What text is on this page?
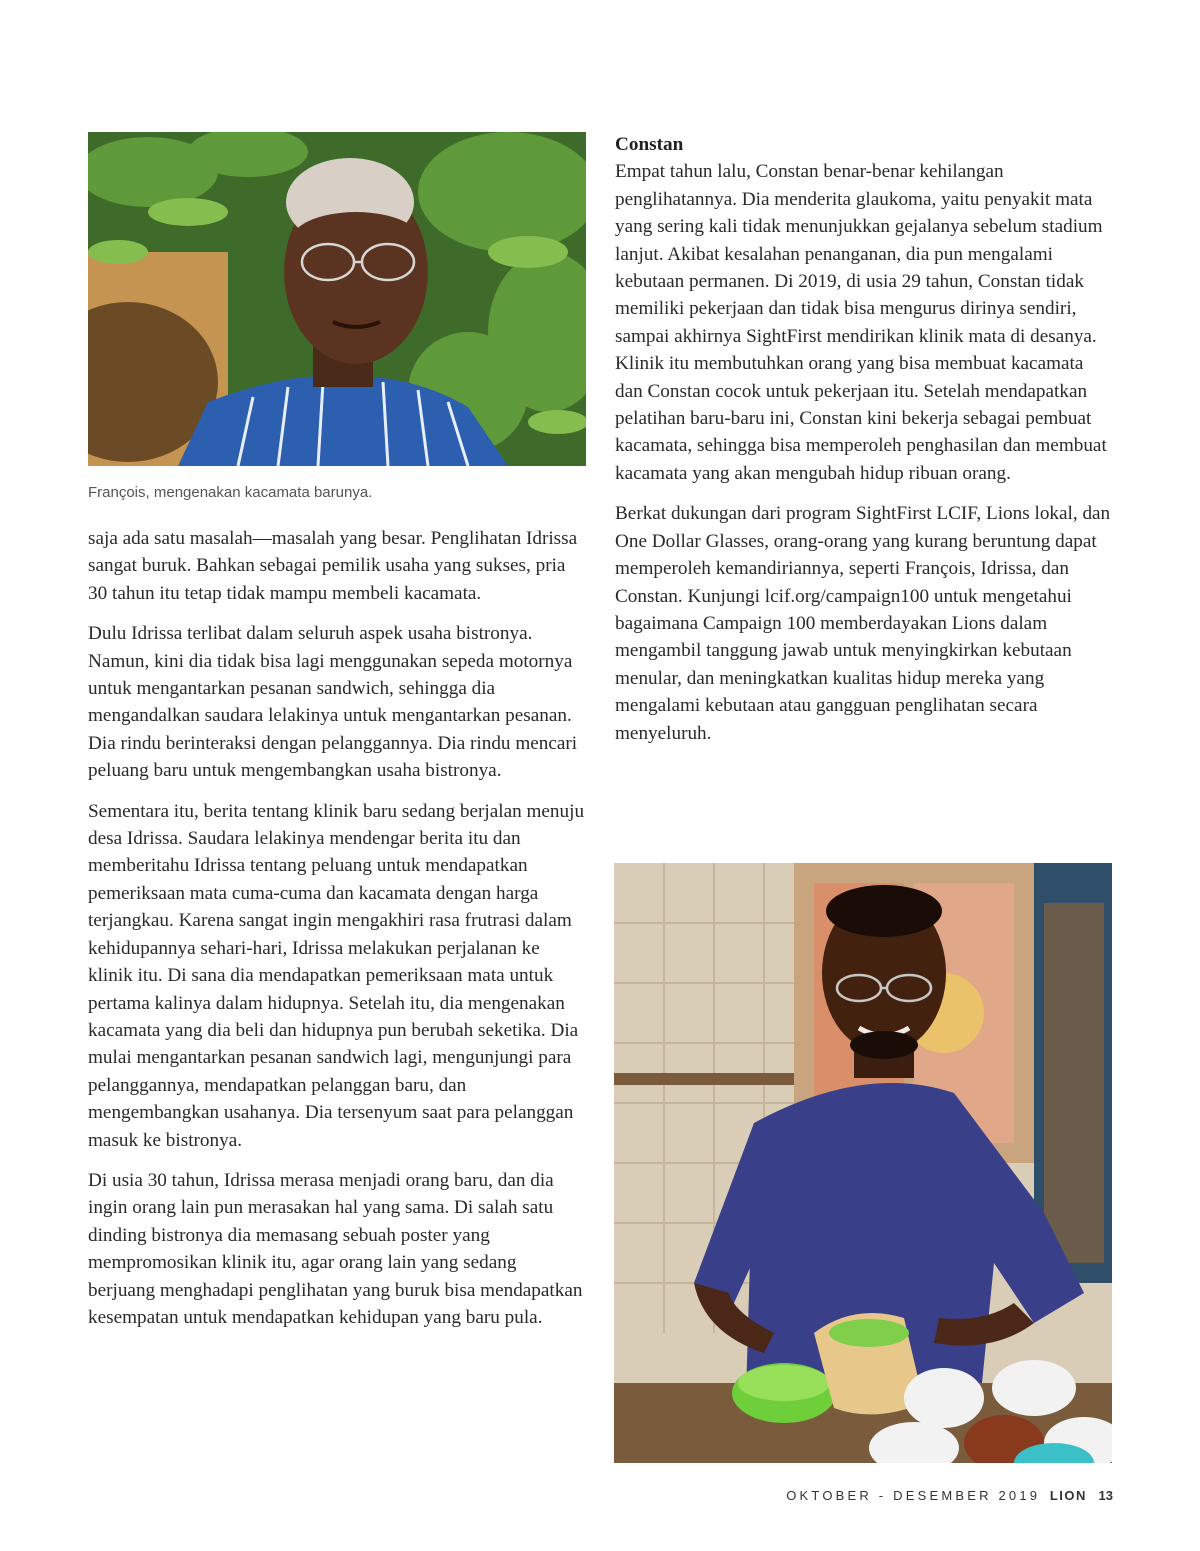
François, mengenakan kacamata barunya.

saja ada satu masalah—masalah yang besar. Penglihatan Idrissa sangat buruk. Bahkan sebagai pemilik usaha yang sukses, pria 30 tahun itu tetap tidak mampu membeli kacamata.

Dulu Idrissa terlibat dalam seluruh aspek usaha bistronya. Namun, kini dia tidak bisa lagi menggunakan sepeda motornya untuk mengantarkan pesanan sandwich, sehingga dia mengandalkan saudara lelakinya untuk mengantarkan pesanan. Dia rindu berinteraksi dengan pelanggannya. Dia rindu mencari peluang baru untuk mengembangkan usaha bistronya.

Sementara itu, berita tentang klinik baru sedang berjalan menuju desa Idrissa. Saudara lelakinya mendengar berita itu dan memberitahu Idrissa tentang peluang untuk mendapatkan pemeriksaan mata cuma-cuma dan kacamata dengan harga terjangkau. Karena sangat ingin mengakhiri rasa frutrasi dalam kehidupannya sehari-hari, Idrissa melakukan perjalanan ke klinik itu. Di sana dia mendapatkan pemeriksaan mata untuk pertama kalinya dalam hidupnya. Setelah itu, dia mengenakan kacamata yang dia beli dan hidupnya pun berubah seketika. Dia mulai mengantarkan pesanan sandwich lagi, mengunjungi para pelanggannya, mendapatkan pelanggan baru, dan mengembangkan usahanya. Dia tersenyum saat para pelanggan masuk ke bistronya.

Di usia 30 tahun, Idrissa merasa menjadi orang baru, dan dia ingin orang lain pun merasakan hal yang sama. Di salah satu dinding bistronya dia memasang sebuah poster yang mempromosikan klinik itu, agar orang lain yang sedang berjuang menghadapi penglihatan yang buruk bisa mendapatkan kesempatan untuk mendapatkan kehidupan yang baru pula.

Constan

Empat tahun lalu, Constan benar-benar kehilangan penglihatannya. Dia menderita glaukoma, yaitu penyakit mata yang sering kali tidak menunjukkan gejalanya sebelum stadium lanjut. Akibat kesalahan penanganan, dia pun mengalami kebutaan permanen. Di 2019, di usia 29 tahun, Constan tidak memiliki pekerjaan dan tidak bisa mengurus dirinya sendiri, sampai akhirnya SightFirst mendirikan klinik mata di desanya. Klinik itu membutuhkan orang yang bisa membuat kacamata dan Constan cocok untuk pekerjaan itu. Setelah mendapatkan pelatihan baru-baru ini, Constan kini bekerja sebagai pembuat kacamata, sehingga bisa memperoleh penghasilan dan membuat kacamata yang akan mengubah hidup ribuan orang.

Berkat dukungan dari program SightFirst LCIF, Lions lokal, dan One Dollar Glasses, orang-orang yang kurang beruntung dapat memperoleh kemandiriannya, seperti François, Idrissa, dan Constan. Kunjungi lcif.org/campaign100 untuk mengetahui bagaimana Campaign 100 memberdayakan Lions dalam mengambil tanggung jawab untuk menyingkirkan kebutaan menular, dan meningkatkan kualitas hidup mereka yang mengalami kebutaan atau gangguan penglihatan secara menyeluruh.

OKTOBER - DESEMBER 2019 LION 13
